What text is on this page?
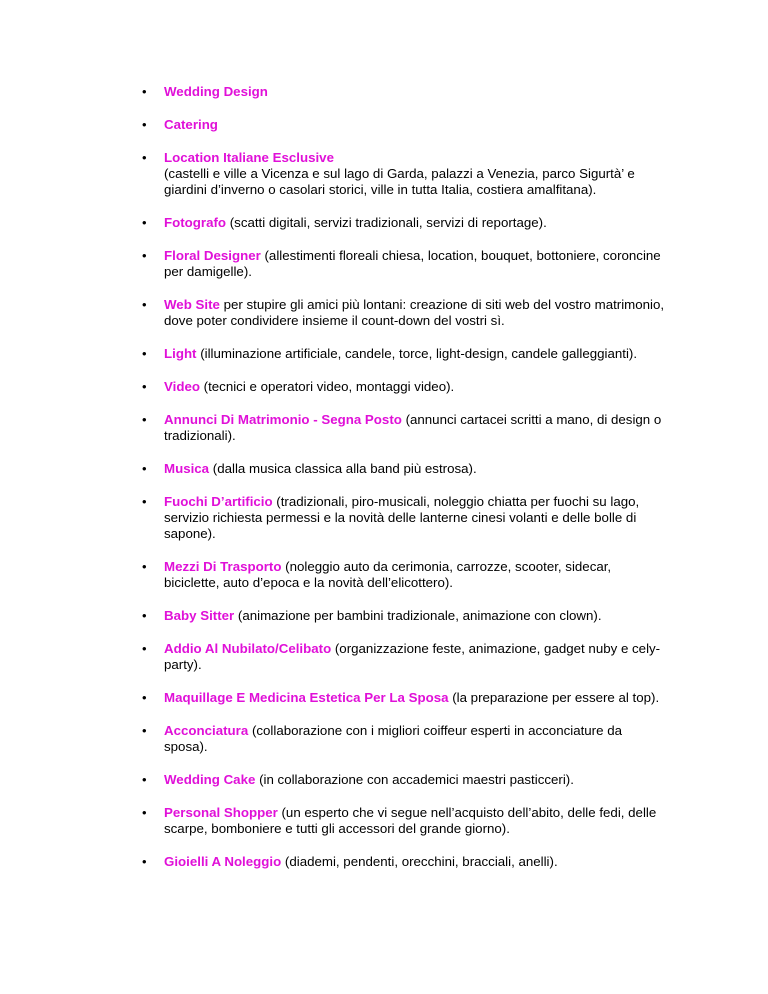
• Wedding Design
• Catering
• Location Italiane Esclusive
(castelli e ville a Vicenza e sul lago di Garda, palazzi a Venezia, parco Sigurtà’ e giardini d’inverno o casolari storici, ville in tutta Italia, costiera amalfitana).
• Fotografo (scatti digitali, servizi tradizionali, servizi di reportage).
• Floral Designer (allestimenti floreali chiesa, location, bouquet, bottoniere, coroncine per damigelle).
• Web Site per stupire gli amici più lontani: creazione di siti web del vostro matrimonio, dove poter condividere insieme il count-down del vostri sì.
• Light (illuminazione artificiale, candele, torce, light-design, candele galleggianti).
• Video (tecnici e operatori video, montaggi video).
• Annunci Di Matrimonio - Segna Posto (annunci cartacei scritti a mano, di design o tradizionali).
• Musica (dalla musica classica alla band più estrosa).
• Fuochi D’artificio (tradizionali, piro-musicali, noleggio chiatta per fuochi su lago, servizio richiesta permessi e la novità delle lanterne cinesi volanti e delle bolle di sapone).
• Mezzi Di Trasporto (noleggio auto da cerimonia, carrozze, scooter, sidecar, biciclette, auto d’epoca e la novità dell’elicottero).
• Baby Sitter (animazione per bambini tradizionale, animazione con clown).
• Addio Al Nubilato/Celibato (organizzazione feste, animazione, gadget nuby e cely-party).
• Maquillage E Medicina Estetica Per La Sposa (la preparazione per essere al top).
• Acconciatura (collaborazione con i migliori coiffeur esperti in acconciature da sposa).
• Wedding Cake (in collaborazione con accademici maestri pasticceri).
• Personal Shopper (un esperto che vi segue nell’acquisto dell’abito, delle fedi, delle scarpe, bomboniere e tutti gli accessori del grande giorno).
• Gioielli A Noleggio (diademi, pendenti, orecchini, bracciali, anelli).
